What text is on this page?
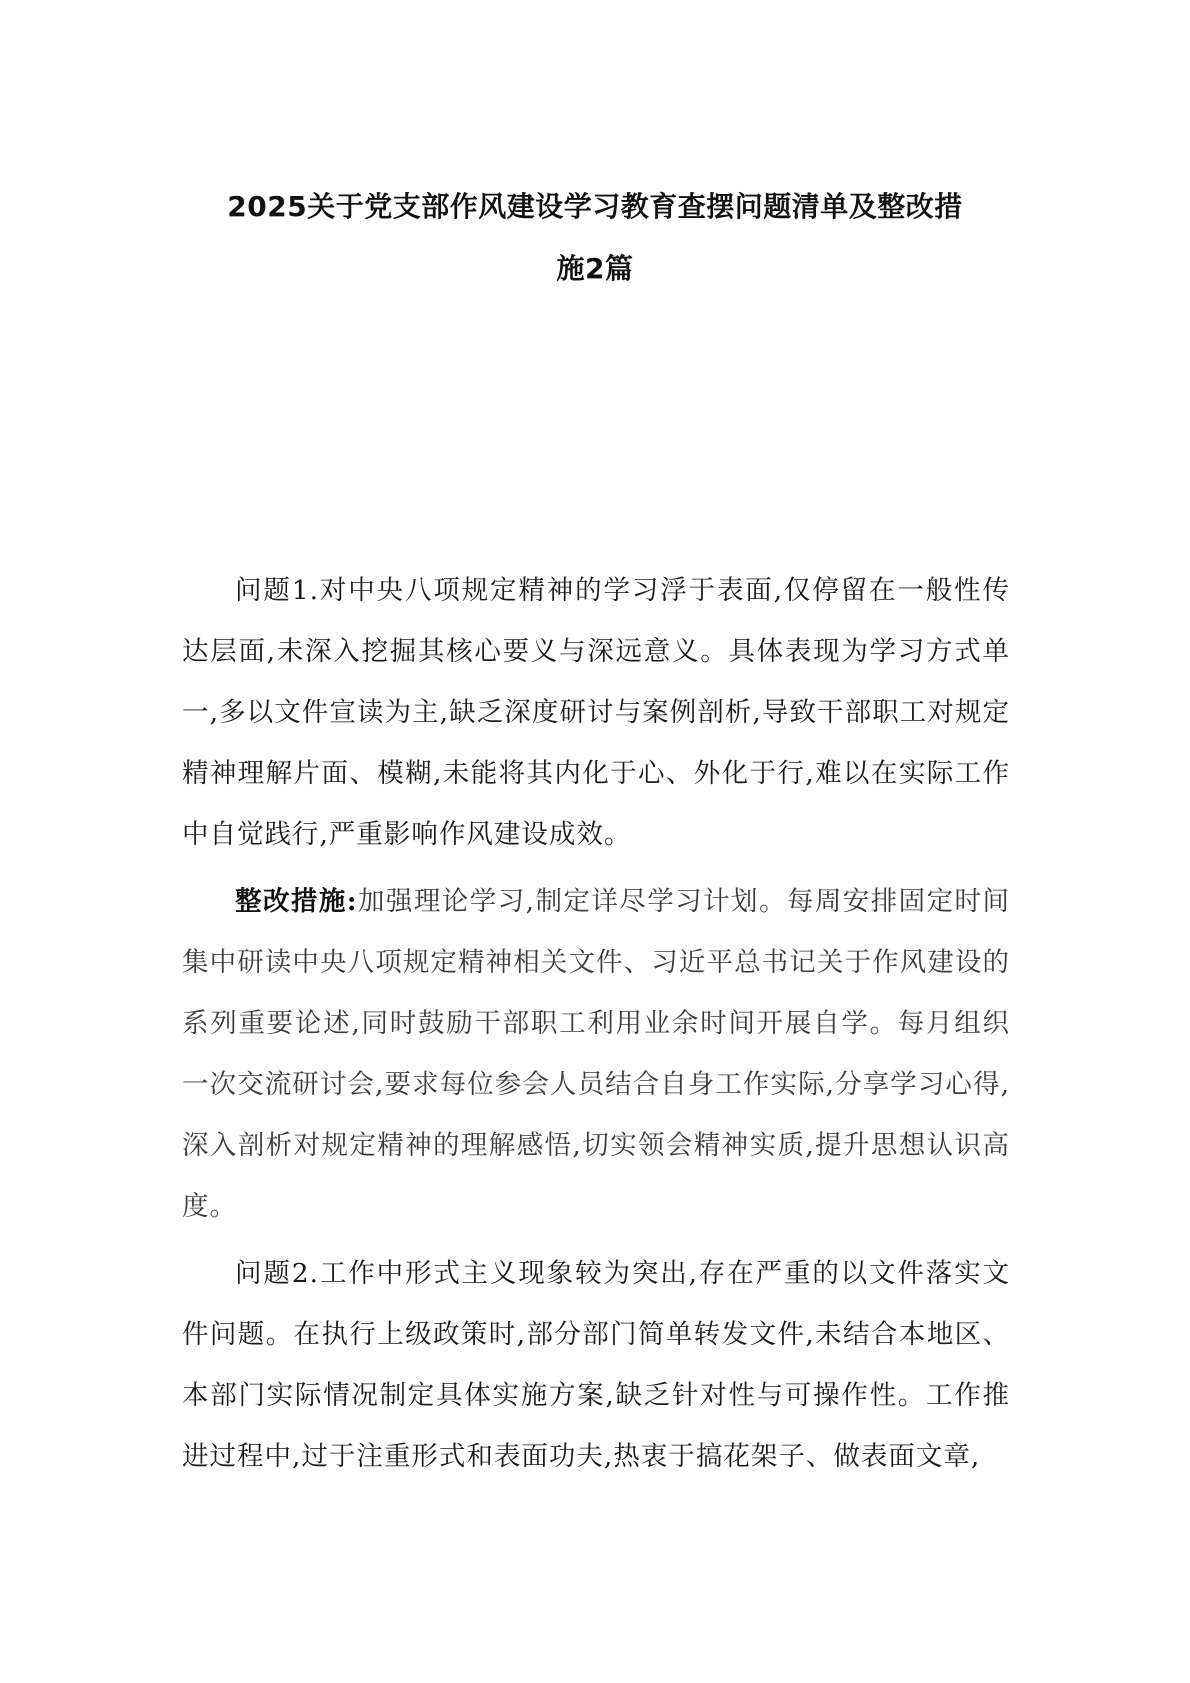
2025关于党支部作风建设学习教育查摆问题清单及整改措
施2篇

问题1.对中央八项规定精神的学习浮于表面,仅停留在一般性传达层面,未深入挖掘其核心要义与深远意义。具体表现为学习方式单一,多以文件宣读为主,缺乏深度研讨与案例剖析,导致干部职工对规定精神理解片面、模糊,未能将其内化于心、外化于行,难以在实际工作中自觉践行,严重影响作风建设成效。

整改措施:加强理论学习,制定详尽学习计划。每周安排固定时间集中研读中央八项规定精神相关文件、习近平总书记关于作风建设的系列重要论述,同时鼓励干部职工利用业余时间开展自学。每月组织一次交流研讨会,要求每位参会人员结合自身工作实际,分享学习心得,深入剖析对规定精神的理解感悟,切实领会精神实质,提升思想认识高度。

问题2.工作中形式主义现象较为突出,存在严重的以文件落实文件问题。在执行上级政策时,部分部门简单转发文件,未结合本地区、本部门实际情况制定具体实施方案,缺乏针对性与可操作性。工作推进过程中,过于注重形式和表面功夫,热衷于搞花架子、做表面文章,
